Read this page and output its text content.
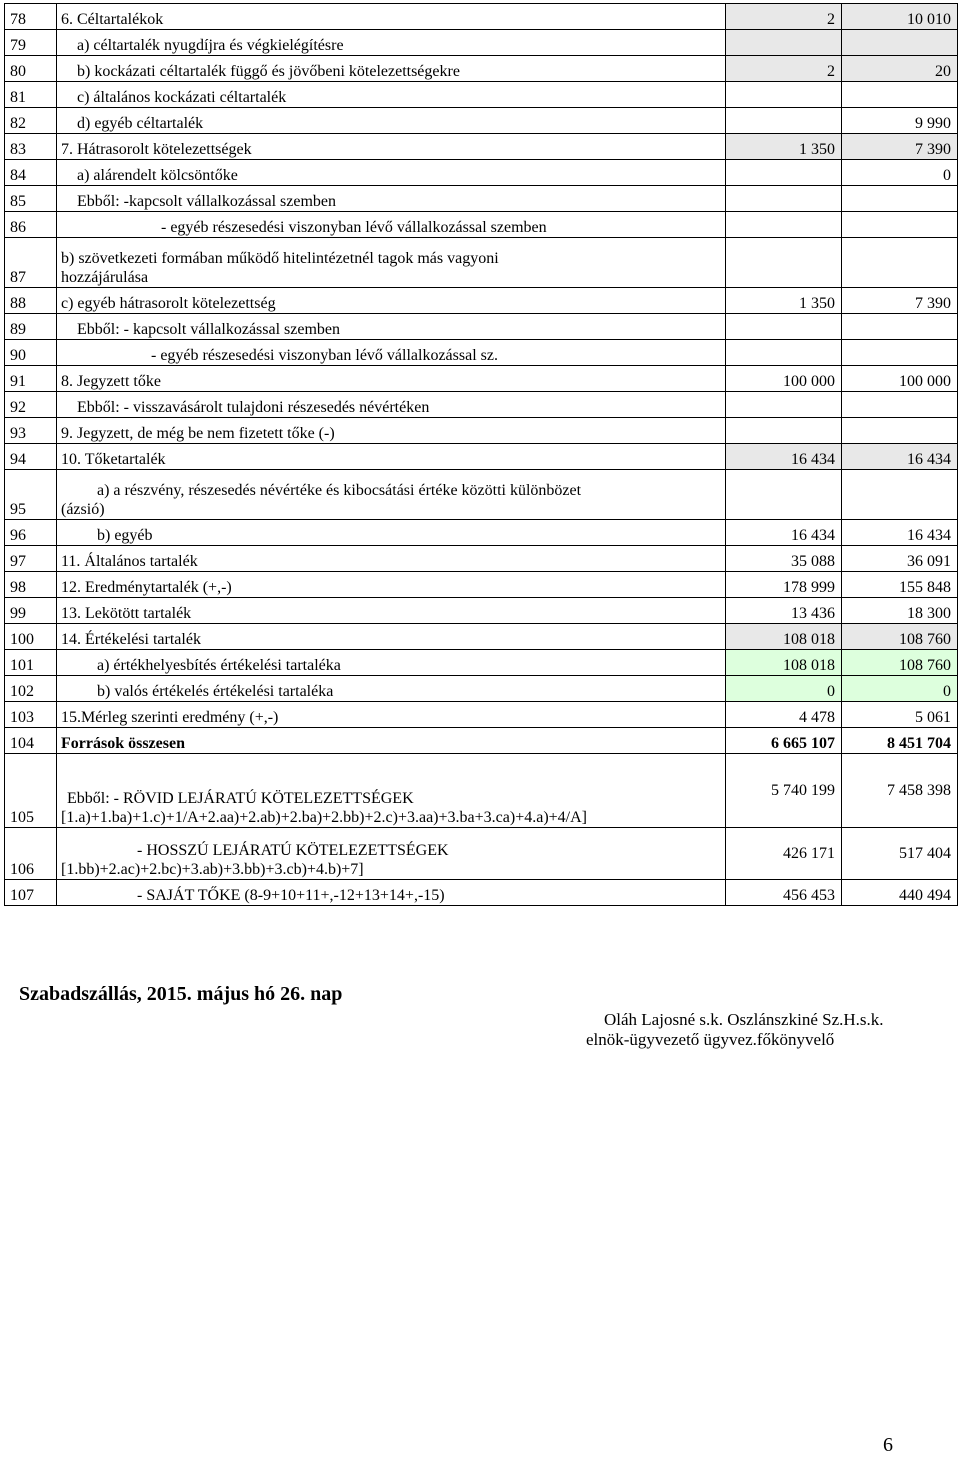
78	6. Céltartalékok	2	10 010
79	a) céltartalék nyugdíjra és végkielégítésre		

80	b) kockázati céltartalék függő és jövőbeni kötelezettségekre	2	20
81	c) általános kockázati céltartalék		

82	d) egyéb céltartalék		9 990
83	7. Hátrasorolt kötelezettségek	1 350	7 390
84	a) alárendelt kölcsöntőke		0
85	Ebből: -kapcsolt vállalkozással szemben		

86	- egyéb részesedési viszonyban lévő vállalkozással szemben		

87	b) szövetkezeti formában működő hitelintézetnél tagok más vagyoni
hozzájárulása		

88	c) egyéb hátrasorolt kötelezettség	1 350	7 390
89	Ebből: - kapcsolt vállalkozással szemben		

90	- egyéb részesedési viszonyban lévő vállalkozással sz.		

91	8. Jegyzett tőke	100 000	100 000
92	Ebből: - visszavásárolt tulajdoni részesedés névértéken		

93	9. Jegyzett, de még be nem fizetett tőke (-)		

94	10. Tőketartalék	16 434	16 434
95	a) a részvény, részesedés névértéke és kibocsátási értéke közötti különbözet
(ázsió)		

96	b) egyéb	16 434	16 434
97	11. Általános tartalék	35 088	36 091
98	12. Eredménytartalék (+,-)	178 999	155 848
99	13. Lekötött tartalék	13 436	18 300
100	14. Értékelési tartalék	108 018	108 760
101	a) értékhelyesbítés értékelési tartaléka	108 018	108 760
102	b) valós értékelés értékelési tartaléka	0	0
103	15.Mérleg szerinti eredmény (+,-)	4 478	5 061
104	Források összesen	6 665 107	8 451 704
105	Ebből: - RÖVID LEJÁRATÚ KÖTELEZETTSÉGEK
[1.a)+1.ba)+1.c)+1/A+2.aa)+2.ab)+2.ba)+2.bb)+2.c)+3.aa)+3.ba+3.ca)+4.a)+4/A]	5 740 199	7 458 398
106	- HOSSZÚ LEJÁRATÚ KÖTELEZETTSÉGEK
[1.bb)+2.ac)+2.bc)+3.ab)+3.bb)+3.cb)+4.b)+7]	426 171	517 404
107	- SAJÁT TŐKE (8-9+10+11+,-12+13+14+,-15)	456 453	440 494
Szabadszállás, 2015. május hó 26. nap
Oláh Lajosné s.k. Oszlánszkiné Sz.H.s.k.
elnök-ügyvezető ügyvez.főkönyvelő
6
